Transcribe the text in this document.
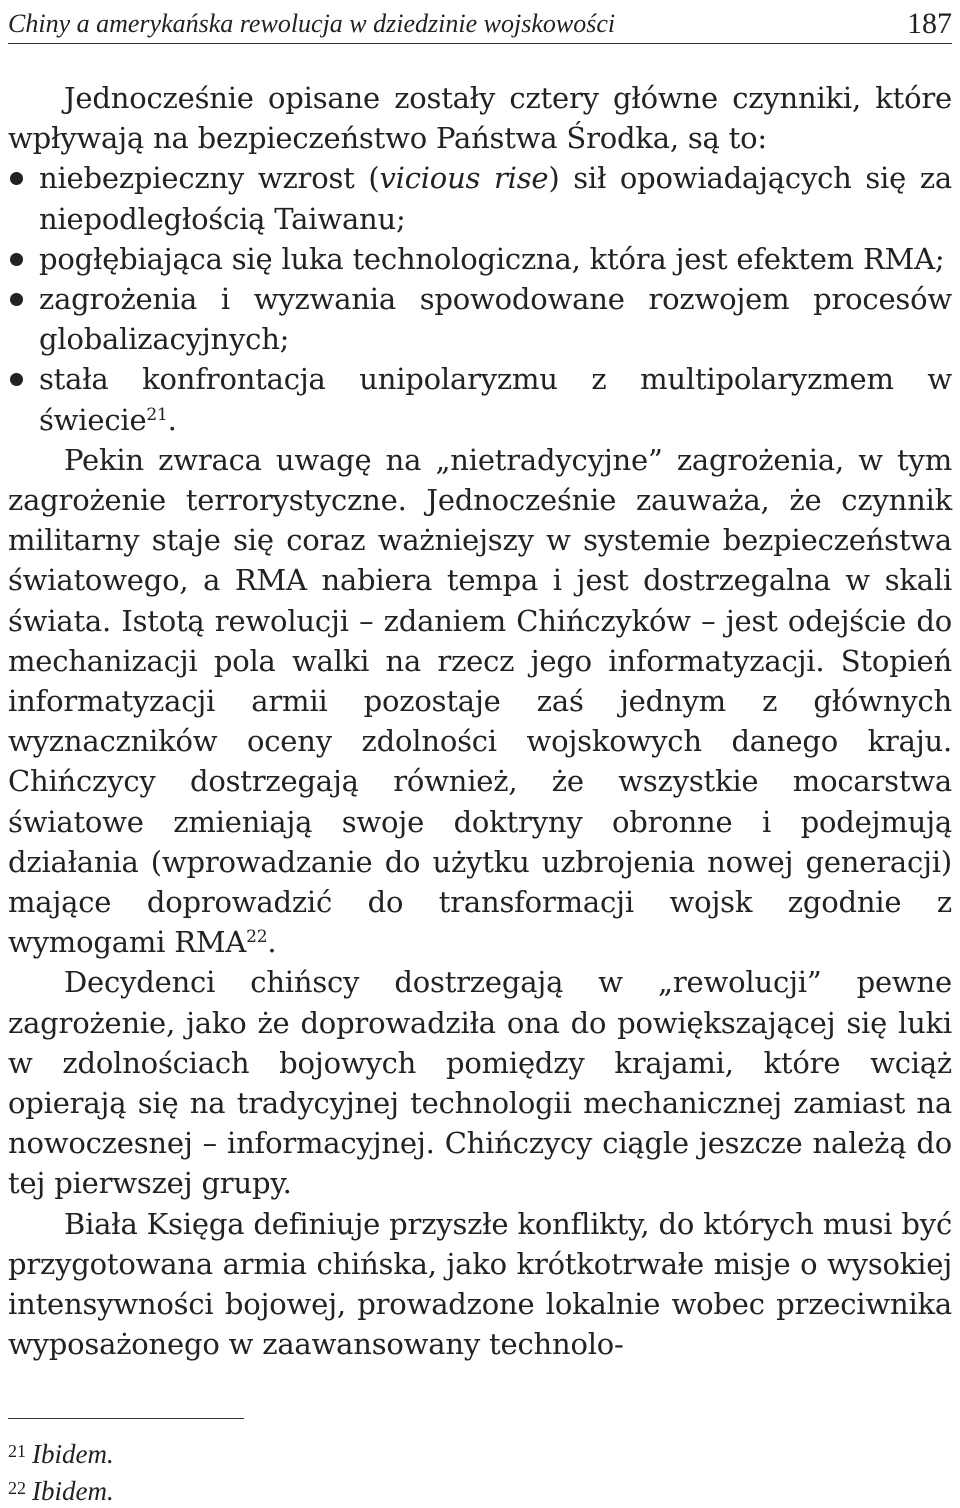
Chiny a amerykańska rewolucja w dziedzinie wojskowości	187

Jednocześnie opisane zostały cztery główne czynniki, które wpływają na bezpieczeństwo Państwa Środka, są to:

niebezpieczny wzrost (vicious rise) sił opowiadających się za niepodległością Taiwanu;
pogłębiająca się luka technologiczna, która jest efektem RMA;
zagrożenia i wyzwania spowodowane rozwojem procesów globalizacyjnych;
stała konfrontacja unipolaryzmu z multipolaryzmem w świecie$^{21}$.

Pekin zwraca uwagę na „nietradycyjne” zagrożenia, w tym zagrożenie terrorystyczne. Jednocześnie zauważa, że czynnik militarny staje się coraz ważniejszy w systemie bezpieczeństwa światowego, a RMA nabiera tempa i jest dostrzegalna w skali świata. Istotą rewolucji – zdaniem Chińczyków – jest odejście do mechanizacji pola walki na rzecz jego informatyzacji. Stopień informatyzacji armii pozostaje zaś jednym z głównych wyznaczników oceny zdolności wojskowych danego kraju. Chińczycy dostrzegają również, że wszystkie mocarstwa światowe zmieniają swoje doktryny obronne i podejmują działania (wprowadzanie do użytku uzbrojenia nowej generacji) mające doprowadzić do transformacji wojsk zgodnie z wymogami RMA$^{22}$.

Decydenci chińscy dostrzegają w „rewolucji” pewne zagrożenie, jako że doprowadziła ona do powiększającej się luki w zdolnościach bojowych pomiędzy krajami, które wciąż opierają się na tradycyjnej technologii mechanicznej zamiast na nowoczesnej – informacyjnej. Chińczycy ciągle jeszcze należą do tej pierwszej grupy.

Biała Księga definiuje przyszłe konflikty, do których musi być przygotowana armia chińska, jako krótkotrwałe misje o wysokiej intensywności bojowej, prowadzone lokalnie wobec przeciwnika wyposażonego w zaawansowany technolo-

$^{21}$ Ibidem.
$^{22}$ Ibidem.
